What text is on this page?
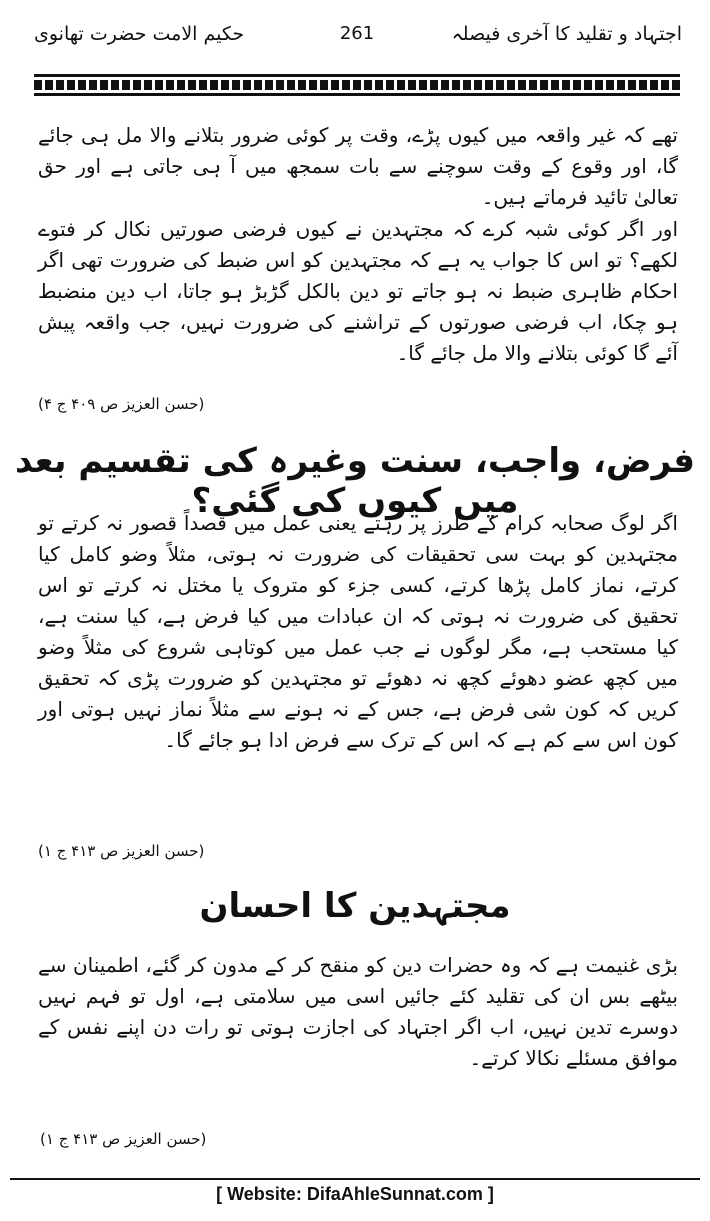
حکیم الامت حضرت تھانوی	261	اجتہاد و تقلید کا آخری فیصلہ

تھے کہ غیر واقعہ میں کیوں پڑے، وقت پر کوئی ضرور بتلانے والا مل ہی جائے گا، اور وقوع کے وقت سوچنے سے بات سمجھ میں آ ہی جاتی ہے اور حق تعالیٰ تائید فرماتے ہیں۔

اور اگر کوئی شبہ کرے کہ مجتہدین نے کیوں فرضی صورتیں نکال کر فتوے لکھے؟ تو اس کا جواب یہ ہے کہ مجتہدین کو اس ضبط کی ضرورت تھی اگر احکام ظاہری ضبط نہ ہو جاتے تو دین بالکل گڑبڑ ہو جاتا، اب دین منضبط ہو چکا، اب فرضی صورتوں کے تراشنے کی ضرورت نہیں، جب واقعہ پیش آئے گا کوئی بتلانے والا مل جائے گا۔

(حسن العزیز ص ۴۰۹ ج ۴)
فرض، واجب، سنت وغیرہ کی تقسیم بعد میں کیوں کی گئی؟

اگر لوگ صحابہ کرام کے طرز پر رہتے یعنی عمل میں قصداً قصور نہ کرتے تو مجتہدین کو بہت سی تحقیقات کی ضرورت نہ ہوتی، مثلاً وضو کامل کیا کرتے، نماز کامل پڑھا کرتے، کسی جزء کو متروک یا مختل نہ کرتے تو اس تحقیق کی ضرورت نہ ہوتی کہ ان عبادات میں کیا فرض ہے، کیا سنت ہے، کیا مستحب ہے، مگر لوگوں نے جب عمل میں کوتاہی شروع کی مثلاً وضو میں کچھ عضو دھوئے کچھ نہ دھوئے تو مجتہدین کو ضرورت پڑی کہ تحقیق کریں کہ کون شی فرض ہے، جس کے نہ ہونے سے مثلاً نماز نہیں ہوتی اور کون اس سے کم ہے کہ اس کے ترک سے فرض ادا ہو جائے گا۔

(حسن العزیز ص ۴۱۳ ج ۱)
مجتہدین کا احسان

بڑی غنیمت ہے کہ وہ حضرات دین کو منقح کر کے مدون کر گئے، اطمینان سے بیٹھے بس ان کی تقلید کئے جائیں اسی میں سلامتی ہے، اول تو فہم نہیں دوسرے تدین نہیں، اب اگر اجتہاد کی اجازت ہوتی تو رات دن اپنے نفس کے موافق مسئلے نکالا کرتے۔

(حسن العزیز ص ۴۱۳ ج ۱)
[ Website: DifaAhleSunnat.com ]
